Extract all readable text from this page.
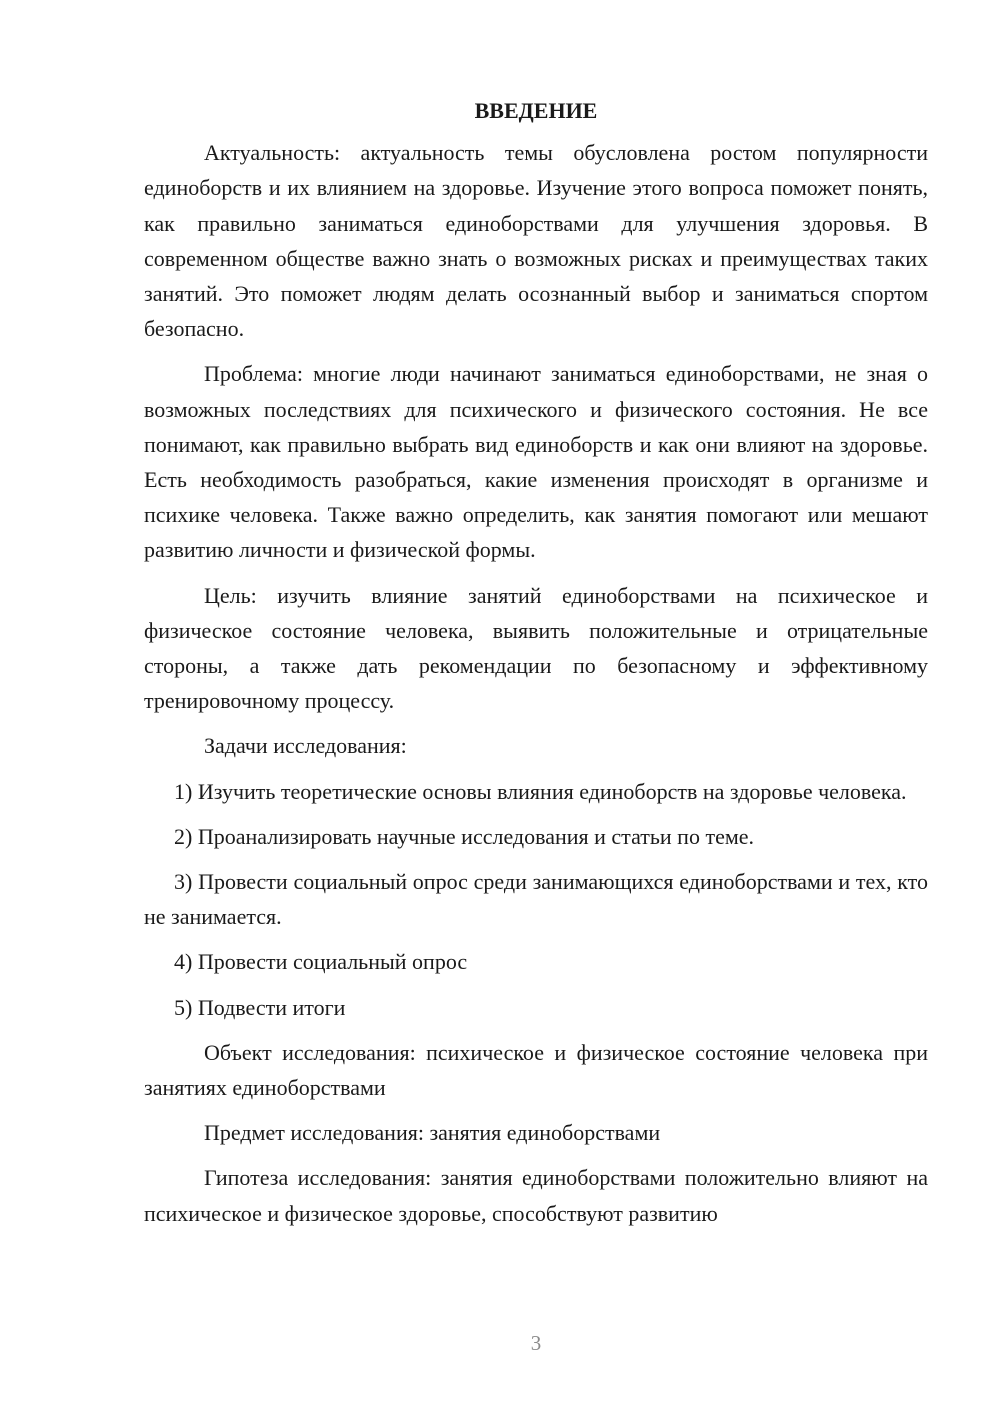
ВВЕДЕНИЕ

Актуальность: актуальность темы обусловлена ростом популярности единоборств и их влиянием на здоровье. Изучение этого вопроса поможет понять, как правильно заниматься единоборствами для улучшения здоровья. В современном обществе важно знать о возможных рисках и преимуществах таких занятий. Это поможет людям делать осознанный выбор и заниматься спортом безопасно.

Проблема: многие люди начинают заниматься единоборствами, не зная о возможных последствиях для психического и физического состояния. Не все понимают, как правильно выбрать вид единоборств и как они влияют на здоровье. Есть необходимость разобраться, какие изменения происходят в организме и психике человека. Также важно определить, как занятия помогают или мешают развитию личности и физической формы.

Цель: изучить влияние занятий единоборствами на психическое и физическое состояние человека, выявить положительные и отрицательные стороны, а также дать рекомендации по безопасному и эффективному тренировочному процессу.

Задачи исследования:

1) Изучить теоретические основы влияния единоборств на здоровье человека.

2) Проанализировать научные исследования и статьи по теме.

3) Провести социальный опрос среди занимающихся единоборствами и тех, кто не занимается.

4) Провести социальный опрос

5) Подвести итоги

Объект исследования: психическое и физическое состояние человека при занятиях единоборствами

Предмет исследования: занятия единоборствами

Гипотеза исследования: занятия единоборствами положительно влияют на психическое и физическое здоровье, способствуют развитию

3
